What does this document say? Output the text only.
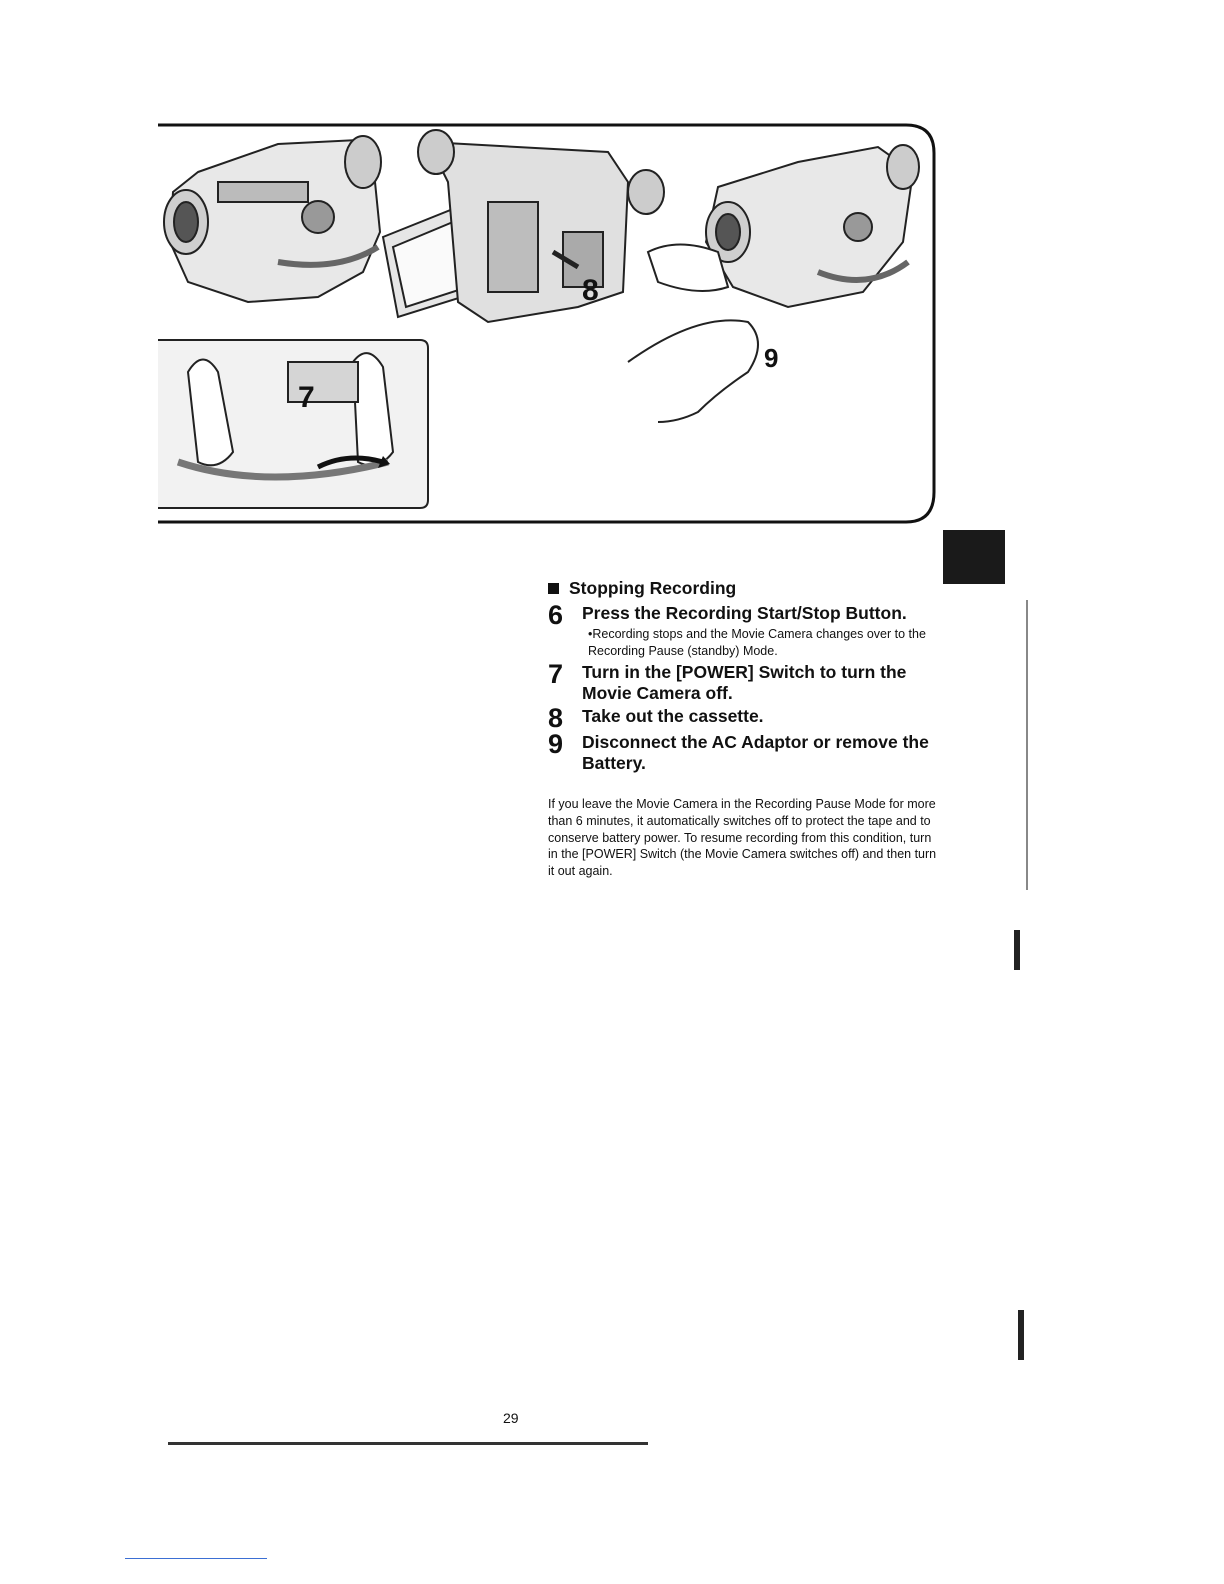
7
8
9
Stopping Recording
6	Press the Recording Start/Stop Button.
•Recording stops and the Movie Camera changes over to the Recording Pause (standby) Mode.
7	Turn in the [POWER] Switch to turn the Movie Camera off.
8	Take out the cassette.
9	Disconnect the AC Adaptor or remove the Battery.
If you leave the Movie Camera in the Recording Pause Mode for more than 6 minutes, it automatically switches off to protect the tape and to conserve battery power. To resume recording from this condition, turn in the [POWER] Switch (the Movie Camera switches off) and then turn it out again.
29
